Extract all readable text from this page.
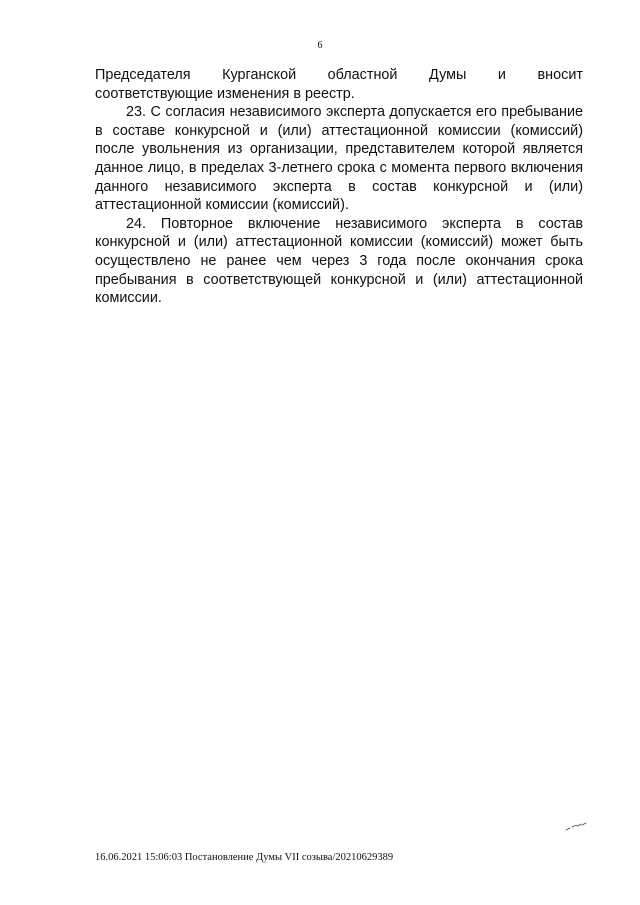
6
Председателя Курганской областной Думы и вносит

соответствующие изменения в реестр.

23. С согласия независимого эксперта допускается его пребывание в составе конкурсной и (или) аттестационной комиссии (комиссий) после увольнения из организации, представителем которой является данное лицо, в пределах 3-летнего срока с момента первого включения данного независимого эксперта в состав конкурсной и (или) аттестационной комиссии (комиссий).

24. Повторное включение независимого эксперта в состав конкурсной и (или) аттестационной комиссии (комиссий) может быть осуществлено не ранее чем через 3 года после окончания срока пребывания в соответствующей конкурсной и (или) аттестационной комиссии.

16.06.2021 15:06:03 Постановление Думы VII созыва/20210629389
